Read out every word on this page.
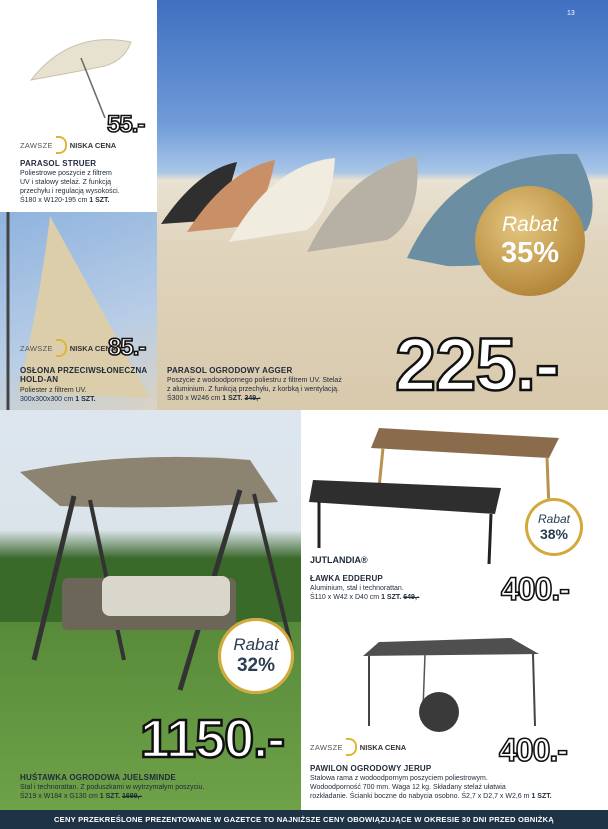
55.-
ZAWSZE NISKA CENA
PARASOL STRUER
Poliestrowe poszycie z filtrem
UV i stalowy stelaż. Z funkcją
przechyłu i regulacją wysokości.
Ś180 x W120-195 cm 1 SZT.
13
Rabat
35%
225.-
PARASOL OGRODOWY AGGER
Poszycie z wodoodpornego poliestru z filtrem UV. Stelaż
z aluminium. Z funkcją przechyłu, z korbką i wentylacją.
Ś300 x W246 cm 1 SZT. 349,-
85.-
ZAWSZE NISKA CENA
OSŁONA PRZECIWSŁONECZNA
HOLD-AN
Poliester z filtrem UV.
300x300x300 cm 1 SZT.
Rabat
32%
1150.-
HUŚTAWKA OGRODOWA JUELSMINDE
Stal i technorattan. Z poduszkami w wytrzymałym poszyciu.
Ś219 x W184 x G130 cm 1 SZT. 1699,-
Rabat
38%
JUTLANDIA®
ŁAWKA EDDERUP
Aluminium, stal i technorattan.
Ś110 x W42 x D40 cm 1 SZT. 649,-	400.-
ZAWSZE NISKA CENA	400.-
PAWILON OGRODOWY JERUP
Stalowa rama z wodoodpornym poszyciem poliestrowym.
Wodoodporność 700 mm. Waga 12 kg. Składany stelaż ułatwia
rozkładanie. Ścianki boczne do nabycia osobno. Ś2,7 x D2,7 x W2,6 m 1 SZT.
CENY PRZEKREŚLONE PREZENTOWANE W GAZETCE TO NAJNIŻSZE CENY OBOWIĄZUJĄCE W OKRESIE 30 DNI PRZED OBNIŻKĄ
